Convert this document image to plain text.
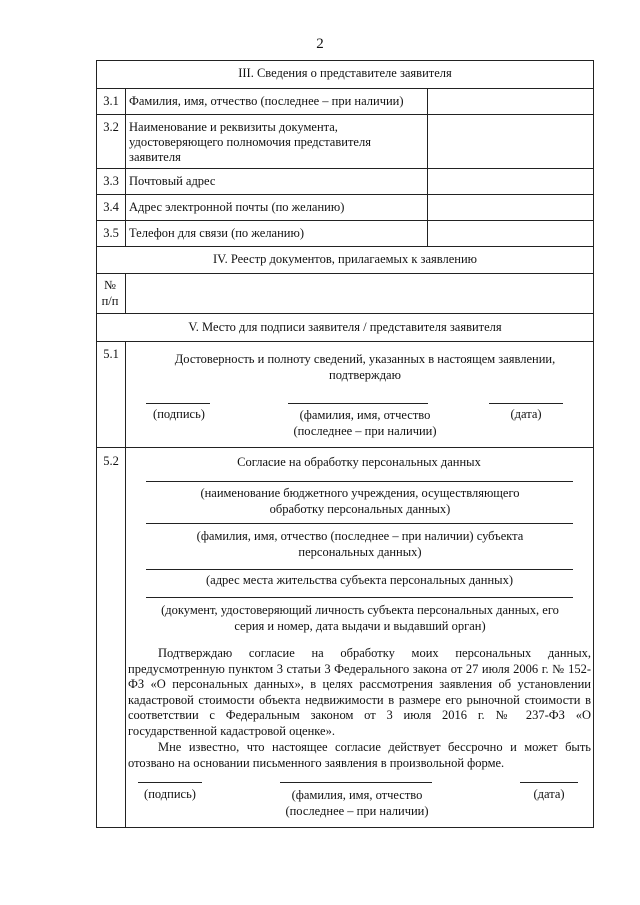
2
III. Сведения о представителе заявителя
3.1 Фамилия, имя, отчество (последнее – при наличии)
3.2 Наименование и реквизиты документа, удостоверяющего полномочия представителя заявителя
3.3 Почтовый адрес
3.4 Адрес электронной почты (по желанию)
3.5 Телефон для связи (по желанию)
IV. Реестр документов, прилагаемых к заявлению
№ п/п
V. Место для подписи заявителя / представителя заявителя
5.1	Достоверность и полноту сведений, указанных в настоящем заявлении, подтверждаю
(подпись)	(фамилия, имя, отчество (последнее – при наличии)
(дата)
5.2	Согласие на обработку персональных данных
(наименование бюджетного учреждения, осуществляющего обработку персональных данных)
(фамилия, имя, отчество (последнее – при наличии) субъекта персональных данных)
(адрес места жительства субъекта персональных данных)
(документ, удостоверяющий личность субъекта персональных данных, его серия и номер, дата выдачи и выдавший орган)
Подтверждаю согласие на обработку моих персональных данных, предусмотренную пунктом 3 статьи 3 Федерального закона от 27 июля 2006 г. № 152-ФЗ «О персональных данных», в целях рассмотрения заявления об установлении кадастровой стоимости объекта недвижимости в размере его рыночной стоимости в соответствии с Федеральным законом от 3 июля 2016 г. № 237-ФЗ «О государственной кадастровой оценке».
Мне известно, что настоящее согласие действует бессрочно и может быть отозвано на основании письменного заявления в произвольной форме.
(подпись)	(фамилия, имя, отчество (последнее – при наличии)
(дата)
